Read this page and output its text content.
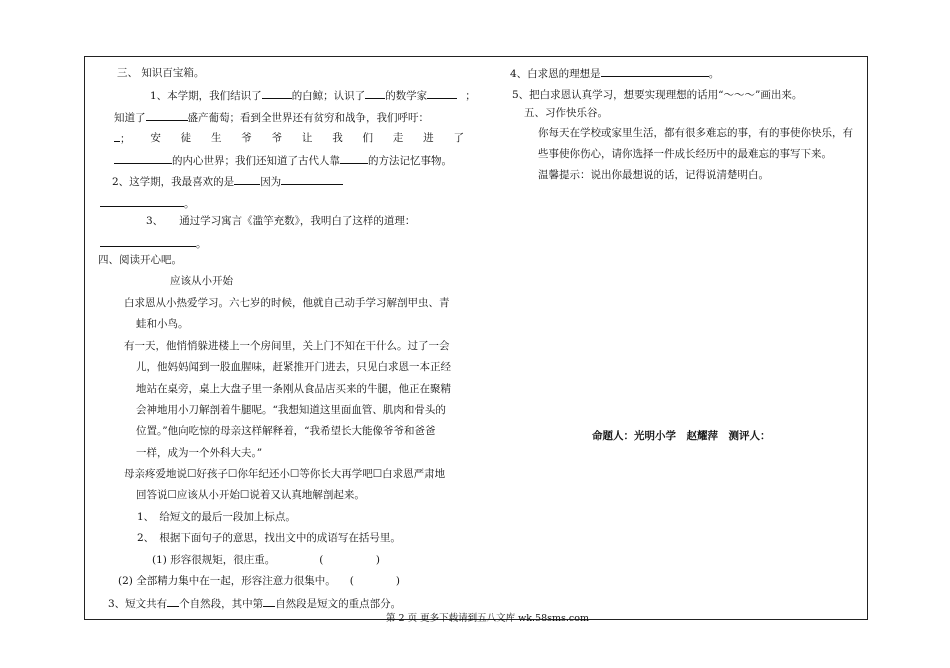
三、 知识百宝箱。
1、本学期，我们结识了	的白鲸；认识了 的数学家	；
知道了	盛产葡萄；看到全世界还有贫穷和战争，我们呼吁：
； 安 徒 生 爷 爷 让 我 们 走 进 了
的内心世界；我们还知道了古代人靠	的方法记忆事物。
2、这学期，我最喜欢的是 因为
。
3、 通过学习寓言《滥竽充数》，我明白了这样的道理：
。
四、阅读开心吧。
应该从小开始
白求恩从小热爱学习。六七岁的时候，他就自己动手学习解剖甲虫、青
蛙和小鸟。
有一天，他悄悄躲进楼上一个房间里，关上门不知在干什么。过了一会
儿，他妈妈闻到一股血腥味，赶紧推开门进去，只见白求恩一本正经
地站在桌旁，桌上大盘子里一条刚从食品店买来的牛腿，他正在聚精
会神地用小刀解剖着牛腿呢。“我想知道这里面血管、肌肉和骨头的
位置。”他向吃惊的母亲这样解释着，“我希望长大能像爷爷和爸爸
一样，成为一个外科大夫。”
母亲疼爱地说☐好孩子☐你年纪还小☐等你长大再学吧☐白求恩严肃地
回答说☐应该从小开始☐说着又认真地解剖起来。
1、　给短文的最后一段加上标点。
2、　根据下面句子的意思，找出文中的成语写在括号里。
(1) 形容很规矩，很庄重。	(　　　　　)
(2) 全部精力集中在一起，形容注意力很集中。 (　　　　)
3、短文共有 个自然段，其中第 自然段是短文的重点部分。
4、白求恩的理想是	。
5、把白求恩认真学习，想要实现理想的话用“～～～”画出来。
五、习作快乐谷。
你每天在学校或家里生活，都有很多难忘的事，有的事使你快乐，有
些事使你伤心，请你选择一件成长经历中的最难忘的事写下来。
温馨提示：说出你最想说的话，记得说清楚明白。
命题人：光明小学　赵耀萍　测评人：
第 2 页 更多下载请到五八文库 wk.58sms.com
